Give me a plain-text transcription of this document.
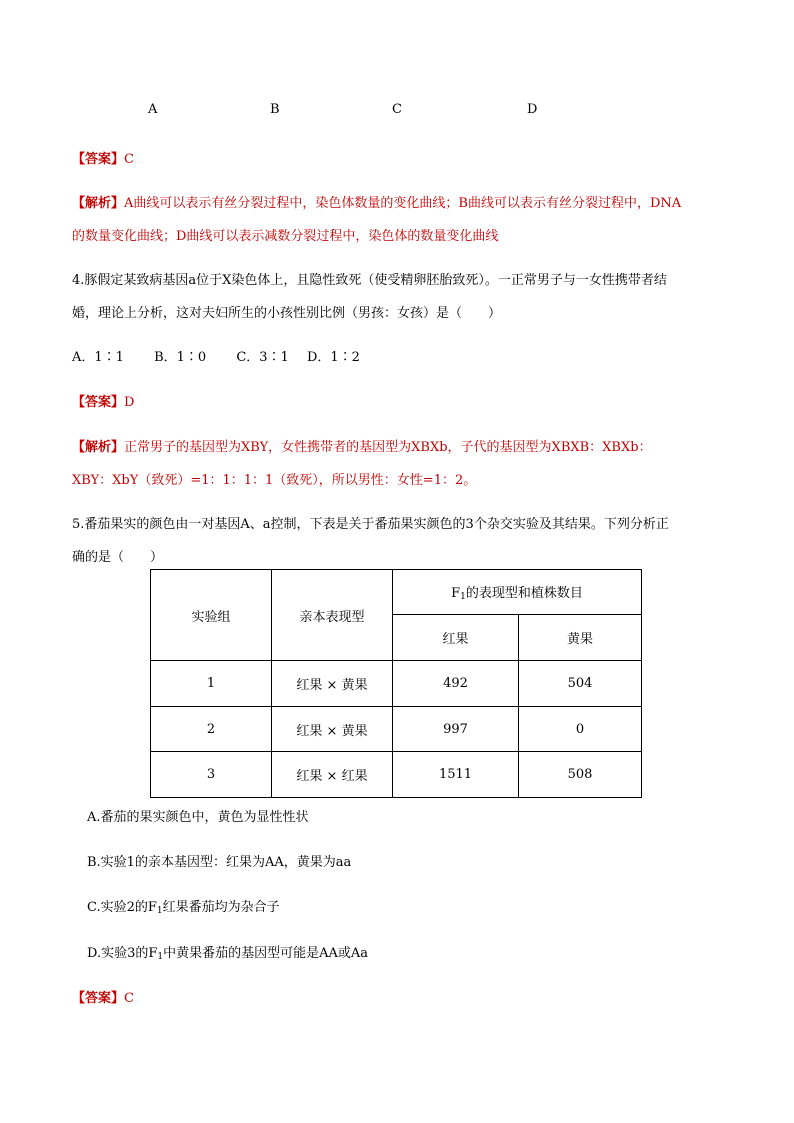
A	B	C	D
【答案】C
【解析】A曲线可以表示有丝分裂过程中，染色体数量的变化曲线；B曲线可以表示有丝分裂过程中，DNA
的数量变化曲线；D曲线可以表示减数分裂过程中，染色体的数量变化曲线
4.豚假定某致病基因a位于X染色体上，且隐性致死（使受精卵胚胎致死）。一正常男子与一女性携带者结
婚，理论上分析，这对夫妇所生的小孩性别比例（男孩：女孩）是（　　）
A．1∶1 B．1∶0 C．3∶1 D．1∶2
【答案】D
【解析】正常男子的基因型为XBY，女性携带者的基因型为XBXb，子代的基因型为XBXB：XBXb：
XBY：XbY（致死）=1：1：1：1（致死），所以男性：女性=1：2。
5.番茄果实的颜色由一对基因A、a控制，下表是关于番茄果实颜色的3个杂交实验及其结果。下列分析正
确的是（　　）
实验组	亲本表现型	$F_1$的表现型和植株数目	
		红果	黄果
1	红果 × 黄果	492	504
2	红果 × 黄果	997	0
3	红果 × 红果	1511	508
A.番茄的果实颜色中，黄色为显性性状
B.实验1的亲本基因型：红果为AA，黄果为aa
C.实验2的$F_1$红果番茄均为杂合子
D.实验3的$F_1$中黄果番茄的基因型可能是AA或Aa
【答案】C
